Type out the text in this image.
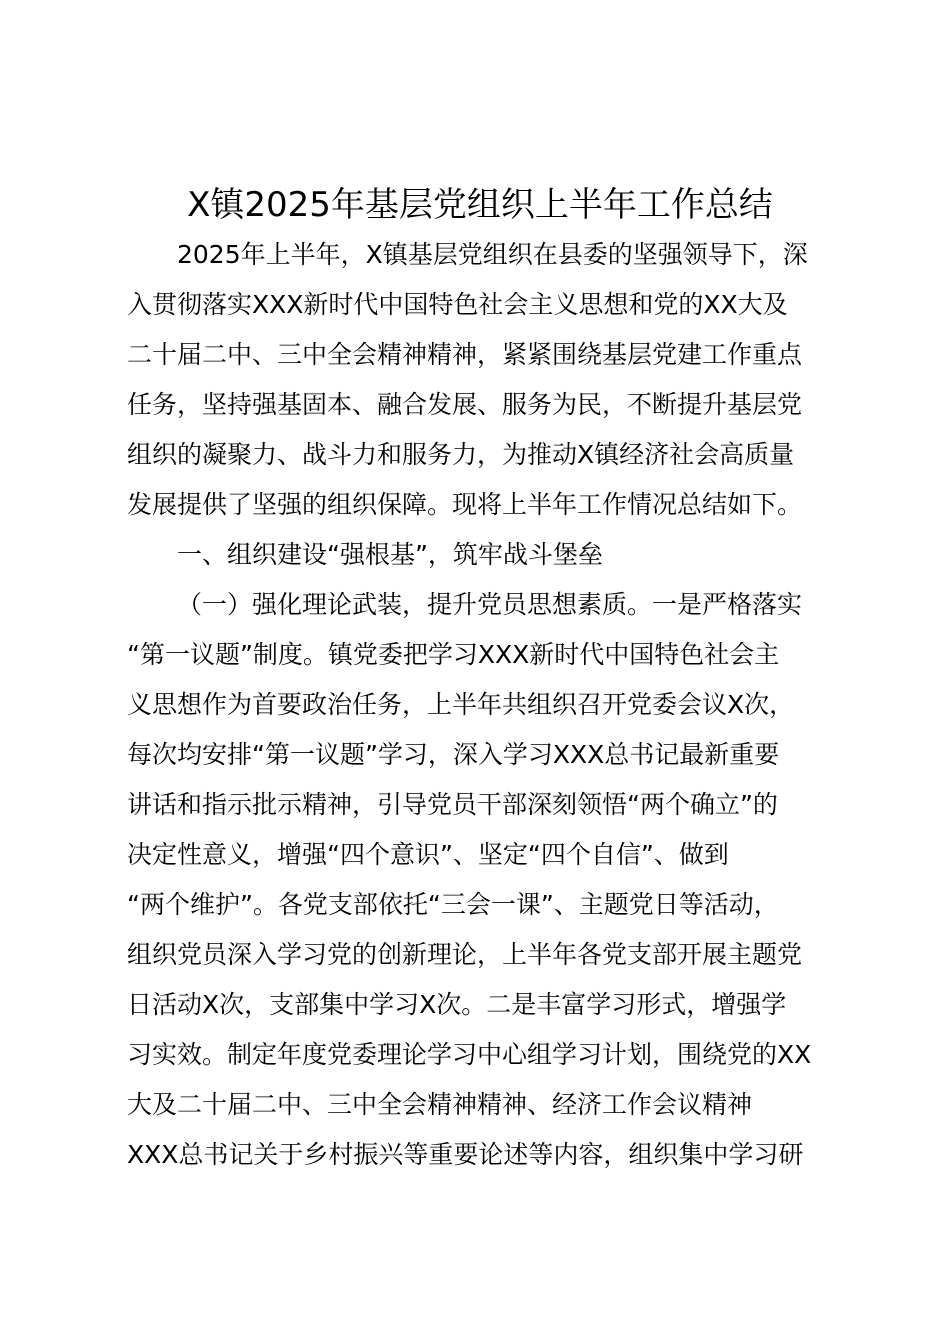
X镇2025年基层党组织上半年工作总结
2025年上半年，X镇基层党组织在县委的坚强领导下，深
入贯彻落实XXX新时代中国特色社会主义思想和党的XX大及
二十届二中、三中全会精神精神，紧紧围绕基层党建工作重点
任务，坚持强基固本、融合发展、服务为民，不断提升基层党
组织的凝聚力、战斗力和服务力，为推动X镇经济社会高质量
发展提供了坚强的组织保障。现将上半年工作情况总结如下。
一、组织建设“强根基”，筑牢战斗堡垒
（一）强化理论武装，提升党员思想素质。一是严格落实
“第一议题”制度。镇党委把学习XXX新时代中国特色社会主
义思想作为首要政治任务，上半年共组织召开党委会议X次，
每次均安排“第一议题”学习，深入学习XXX总书记最新重要
讲话和指示批示精神，引导党员干部深刻领悟“两个确立”的
决定性意义，增强“四个意识”、坚定“四个自信”、做到
“两个维护”。各党支部依托“三会一课”、主题党日等活动，
组织党员深入学习党的创新理论，上半年各党支部开展主题党
日活动X次，支部集中学习X次。二是丰富学习形式，增强学
习实效。制定年度党委理论学习中心组学习计划，围绕党的XX
大及二十届二中、三中全会精神精神、经济工作会议精神
XXX总书记关于乡村振兴等重要论述等内容，组织集中学习研
